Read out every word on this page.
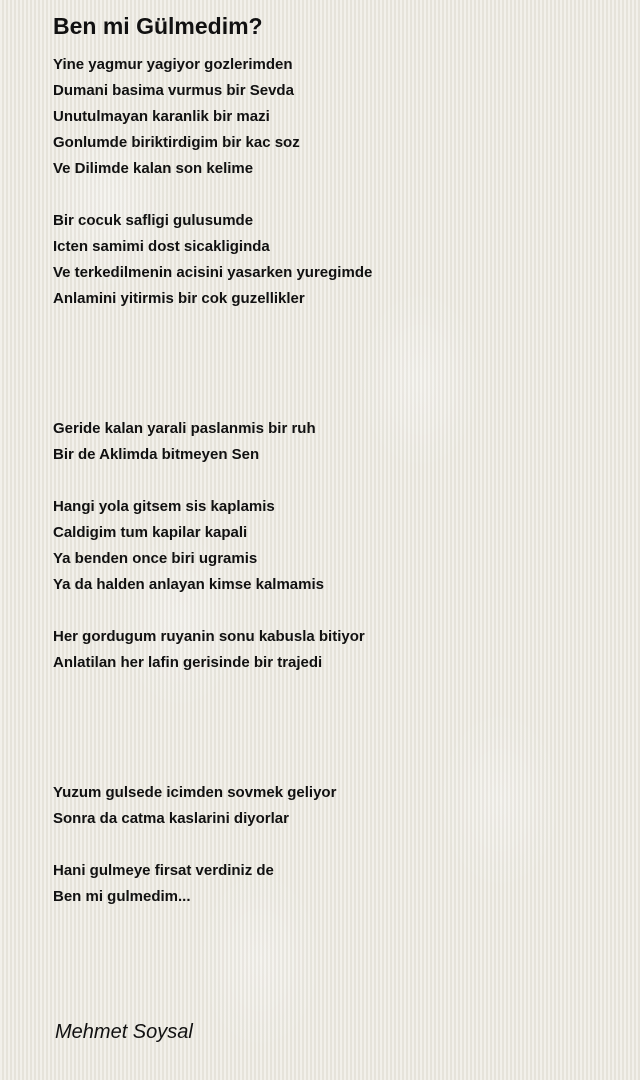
Ben mi Gülmedim?
Yine yagmur yagiyor gozlerimden
Dumani basima vurmus bir Sevda
Unutulmayan karanlik bir mazi
Gonlumde biriktirdigim bir kac soz
Ve Dilimde kalan son kelime
Bir cocuk safligi gulusumde
Icten samimi dost sicakliginda
Ve terkedilmenin acisini yasarken yuregimde
Anlamini yitirmis bir cok guzellikler
Geride kalan yarali paslanmis bir ruh
Bir de Aklimda bitmeyen Sen
Hangi yola gitsem sis kaplamis
Caldigim tum kapilar kapali
Ya benden once biri ugramis
Ya da halden anlayan kimse kalmamis
Her gordugum ruyanin sonu kabusla bitiyor
Anlatilan her lafin gerisinde bir trajedi
Yuzum gulsede icimden sovmek geliyor
Sonra da catma kaslarini diyorlar
Hani gulmeye firsat verdiniz de
Ben mi gulmedim...
Mehmet Soysal
